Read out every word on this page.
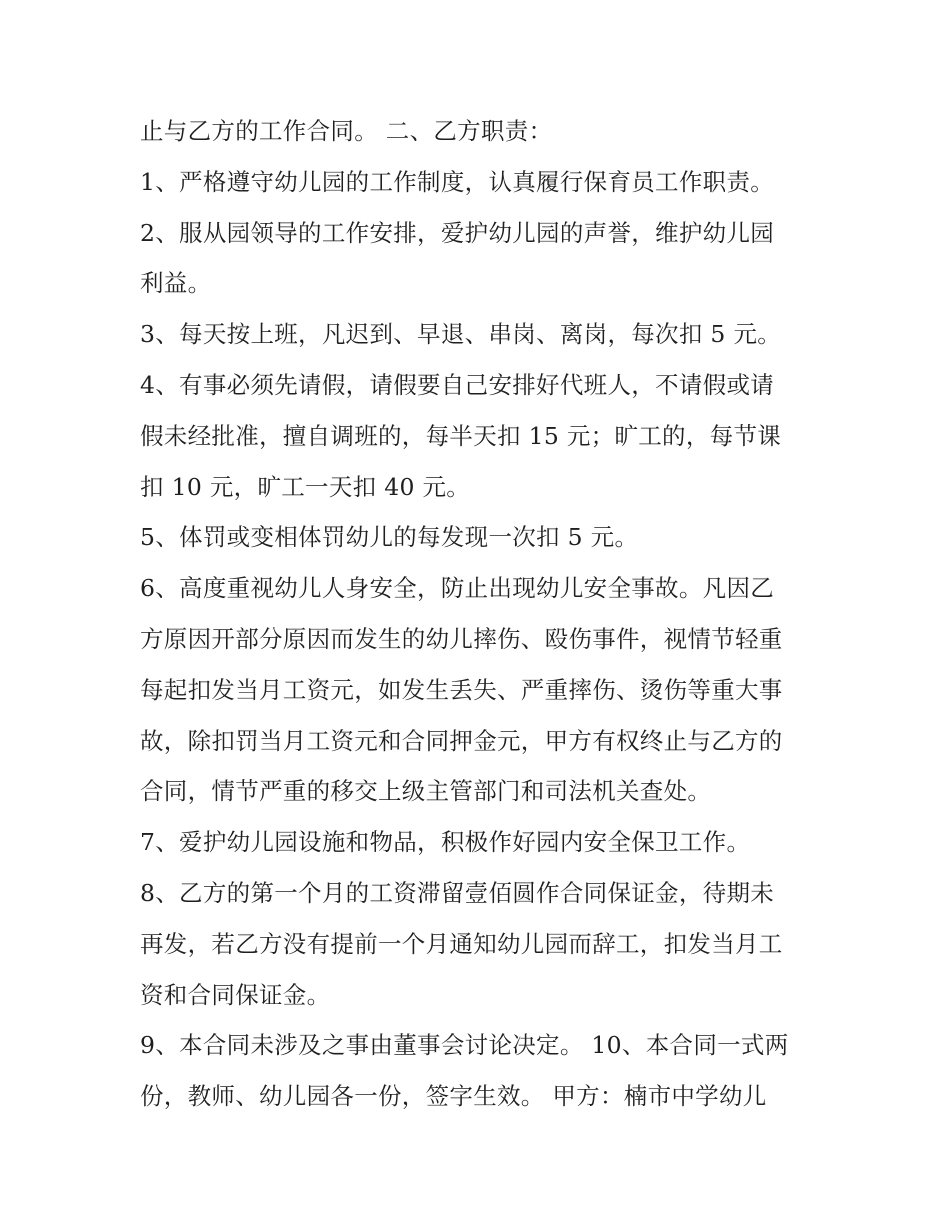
止与乙方的工作合同。 二、乙方职责：
1、严格遵守幼儿园的工作制度，认真履行保育员工作职责。
2、服从园领导的工作安排，爱护幼儿园的声誉，维护幼儿园
利益。
3、每天按上班，凡迟到、早退、串岗、离岗，每次扣 5 元。
4、有事必须先请假，请假要自己安排好代班人，不请假或请
假未经批准，擅自调班的，每半天扣 15 元；旷工的，每节课
扣 10 元，旷工一天扣 40 元。
5、体罚或变相体罚幼儿的每发现一次扣 5 元。
6、高度重视幼儿人身安全，防止出现幼儿安全事故。凡因乙
方原因开部分原因而发生的幼儿摔伤、殴伤事件，视情节轻重
每起扣发当月工资元，如发生丢失、严重摔伤、烫伤等重大事
故，除扣罚当月工资元和合同押金元，甲方有权终止与乙方的
合同，情节严重的移交上级主管部门和司法机关查处。
7、爱护幼儿园设施和物品，积极作好园内安全保卫工作。
8、乙方的第一个月的工资滞留壹佰圆作合同保证金，待期未
再发，若乙方没有提前一个月通知幼儿园而辞工，扣发当月工
资和合同保证金。
9、本合同未涉及之事由董事会讨论决定。 10、本合同一式两
份，教师、幼儿园各一份，签字生效。 甲方：楠市中学幼儿
